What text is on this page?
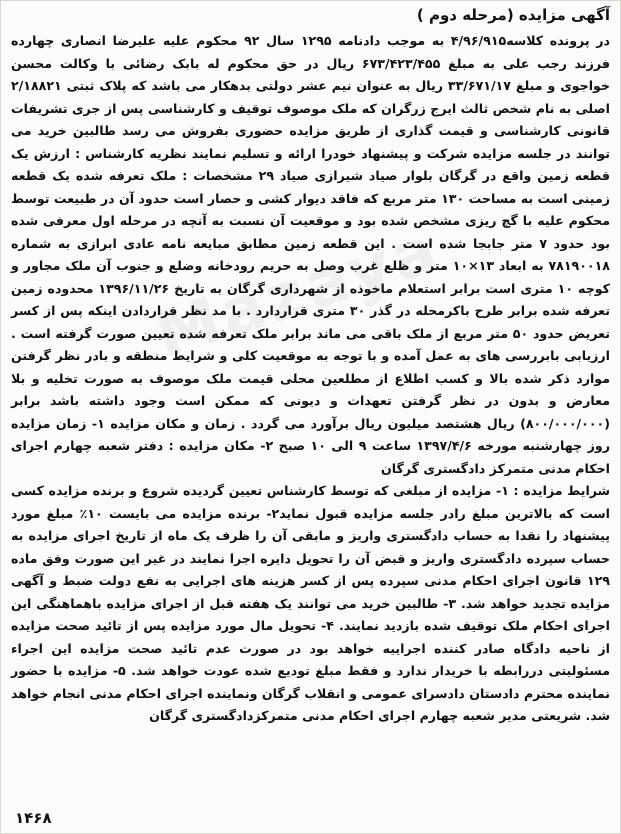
آگهی مزایده (مرحله دوم )

در پرونده کلاسه۴/۹۶/۹۱۵ به موجب دادنامه ۱۲۹۵ سال ۹۲ محکوم علیه علیرضا انصاری چهارده فرزند رجب علی به مبلغ ۶۷۳/۴۲۳/۴۵۵ ریال در حق محکوم له بابک رضائی با وکالت محسن خواجوی و مبلغ ۳۳/۶۷۱/۱۷ ریال به عنوان نیم عشر دولتی بدهکار می باشد که پلاک ثبتی ۲/۱۸۸۲۱ اصلی به نام شخص ثالث ایرج زرگران که ملک موصوف توقیف و کارشناسی پس از جری تشریفات قانونی کارشناسی و قیمت گذاری از طریق مزایده حضوری بفروش می رسد طالبین خرید می توانند در جلسه مزایده شرکت و پیشنهاد خودرا ارائه و تسلیم نمایند نظریه کارشناس : ارزش یک قطعه زمین واقع در گرگان بلوار صیاد شیرازی صیاد ۲۹ مشخصات : ملک تعرفه شده یک قطعه زمینی است به مساحت ۱۳۰ متر مربع که فاقد دیوار کشی و حصار است حدود آن در طبیعت توسط محکوم علیه با گچ ریزی مشخص شده بود و موقعیت آن نسبت به آنچه در مرحله اول معرفی شده بود حدود ۷ متر جابجا شده است . این قطعه زمین مطابق مبایعه نامه عادی ابرازی به شماره ۷۸۱۹۰۰۱۸ به ابعاد ۱۳×۱۰ متر و ظلع غرب وصل به حریم رودخانه وضلع و جنوب آن ملک مجاور و کوچه ۱۰ متری است برابر استعلام ماخوذه از شهرداری گرگان به تاریخ ۱۳۹۶/۱۱/۲۶ محدوده زمین تعرفه شده برابر طرح باکرمحله در گذر ۳۰ متری قراردارد . با مد نظر قراردادن اینکه پس از کسر تعریض حدود ۵۰ متر مربع از ملک باقی می ماند برابر ملک تعرفه شده تعیین صورت گرفته است . ارزیابی بابررسی های به عمل آمده و با توجه به موقعیت کلی و شرایط منطقه و بادر نظر گرفتن موارد ذکر شده بالا و کسب اطلاع از مطلعین محلی قیمت ملک موصوف به صورت تخلیه و بلا معارض و بدون در نظر گرفتن تعهدات و دیونی که ممکن است وجود داشته باشد برابر (۸۰۰/۰۰۰/۰۰۰) ریال هشتصد میلیون ریال برآورد می گردد . زمان و مکان مزایده ۱- زمان مزایده روز چهارشنبه مورخه ۱۳۹۷/۴/۶ ساعت ۹ الی ۱۰ صبح ۲- مکان مزایده : دفتر شعبه چهارم اجرای احکام مدنی متمرکز دادگستری گرگان

شرایط مزایده : ۱- مزایده از مبلغی که توسط کارشناس تعیین گردیده شروع و برنده مزایده کسی است که بالاترین مبلغ رادر جلسه مزایده قبول نماید۲- برنده مزایده می بایست ۱۰٪ مبلغ مورد پیشنهاد را نقدا به حساب دادگستری واریز و مابقی آن را ظرف یک ماه از تاریخ اجرای مزایده به حساب سپرده دادگستری واریز و قبض آن را تحویل دایره اجرا نمایند در غیر این صورت وفق ماده ۱۲۹ قانون اجرای احکام مدنی سپرده پس از کسر هزینه های اجرایی به نفع دولت ضبط و آگهی مزایده تجدید خواهد شد. ۳- طالبین خرید می توانند یک هفته قبل از اجرای مزایده باهماهنگی این اجرای احکام ملک توقیف شده بازدید نمایند. ۴- تحویل مال مورد مزایده پس از تائید صحت مزایده از ناحیه دادگاه صادر کننده اجراییه خواهد بود در صورت عدم تائید صحت مزایده این اجراء مسئولیتی دررابطه با خریدار ندارد و فقط مبلغ تودیع شده عودت خواهد شد. ۵- مزایده با حضور نماینده محترم دادستان دادسرای عمومی و انقلاب گرگان ونماینده اجرای احکام مدنی انجام خواهد شد. شریعتی مدیر شعبه چهارم اجرای احکام مدنی متمرکزدادگستری گرگان

۱۴۶۸
